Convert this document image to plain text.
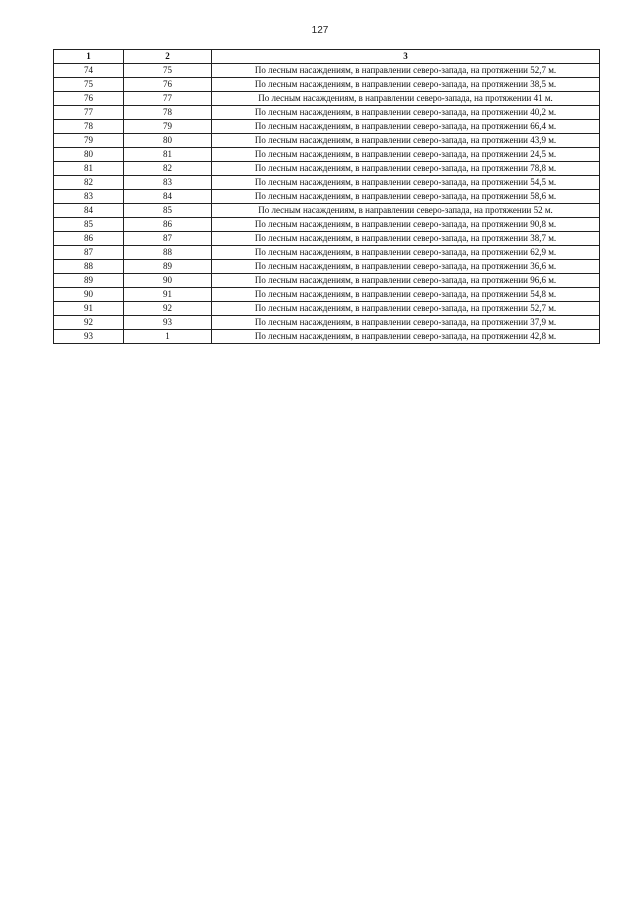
127
1	2	3
74	75	По лесным насаждениям, в направлении северо-запада, на протяжении 52,7 м.
75	76	По лесным насаждениям, в направлении северо-запада, на протяжении 38,5 м.
76	77	По лесным насаждениям, в направлении северо-запада, на протяжении 41 м.
77	78	По лесным насаждениям, в направлении северо-запада, на протяжении 40,2 м.
78	79	По лесным насаждениям, в направлении северо-запада, на протяжении 66,4 м.
79	80	По лесным насаждениям, в направлении северо-запада, на протяжении 43,9 м.
80	81	По лесным насаждениям, в направлении северо-запада, на протяжении 24,5 м.
81	82	По лесным насаждениям, в направлении северо-запада, на протяжении 78,8 м.
82	83	По лесным насаждениям, в направлении северо-запада, на протяжении 54,5 м.
83	84	По лесным насаждениям, в направлении северо-запада, на протяжении 58,6 м.
84	85	По лесным насаждениям, в направлении северо-запада, на протяжении 52 м.
85	86	По лесным насаждениям, в направлении северо-запада, на протяжении 90,8 м.
86	87	По лесным насаждениям, в направлении северо-запада, на протяжении 38,7 м.
87	88	По лесным насаждениям, в направлении северо-запада, на протяжении 62,9 м.
88	89	По лесным насаждениям, в направлении северо-запада, на протяжении 36,6 м.
89	90	По лесным насаждениям, в направлении северо-запада, на протяжении 96,6 м.
90	91	По лесным насаждениям, в направлении северо-запада, на протяжении 54,8 м.
91	92	По лесным насаждениям, в направлении северо-запада, на протяжении 52,7 м.
92	93	По лесным насаждениям, в направлении северо-запада, на протяжении 37,9 м.
93	1	По лесным насаждениям, в направлении северо-запада, на протяжении 42,8 м.
